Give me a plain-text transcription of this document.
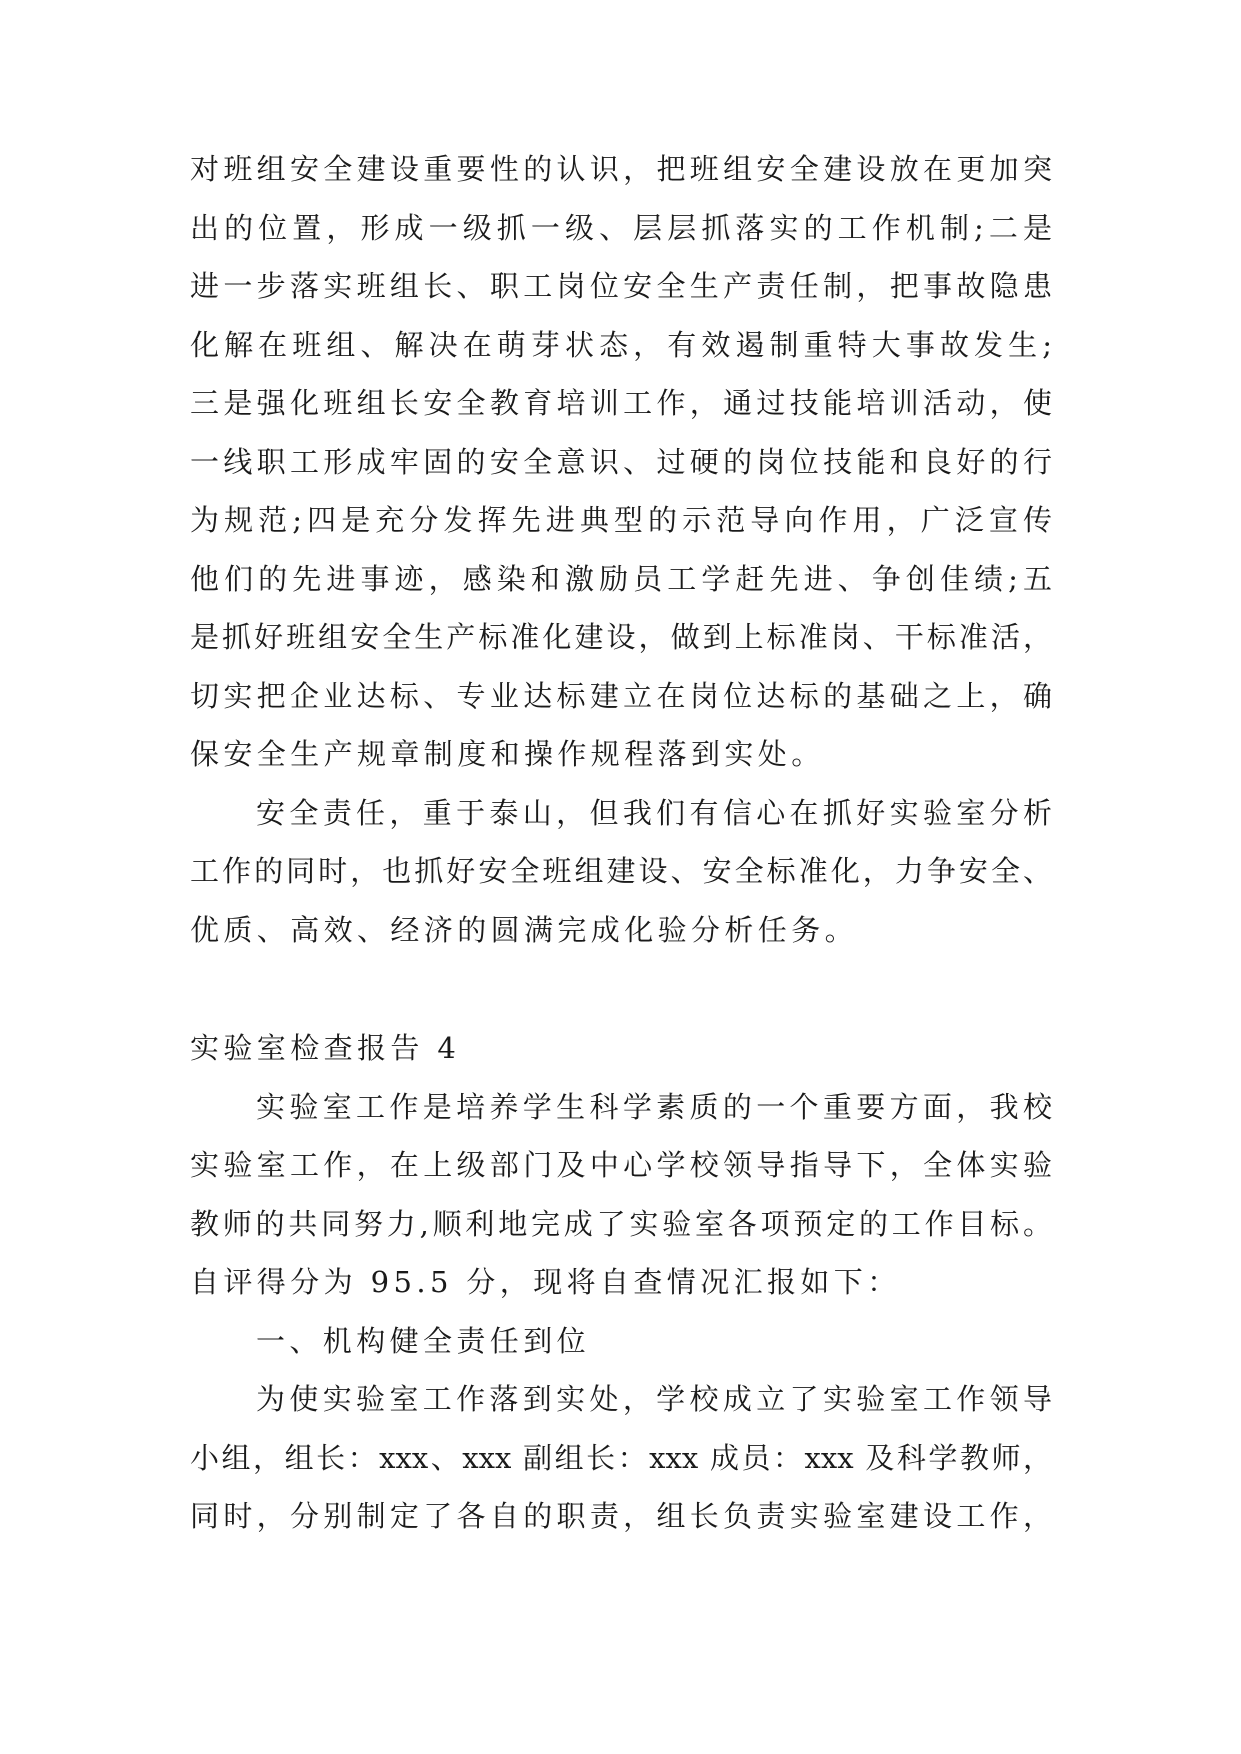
对班组安全建设重要性的认识，把班组安全建设放在更加突
出的位置，形成一级抓一级、层层抓落实的工作机制;二是
进一步落实班组长、职工岗位安全生产责任制，把事故隐患
化解在班组、解决在萌芽状态，有效遏制重特大事故发生;
三是强化班组长安全教育培训工作，通过技能培训活动，使
一线职工形成牢固的安全意识、过硬的岗位技能和良好的行
为规范;四是充分发挥先进典型的示范导向作用，广泛宣传
他们的先进事迹，感染和激励员工学赶先进、争创佳绩;五
是抓好班组安全生产标准化建设，做到上标准岗、干标准活，
切实把企业达标、专业达标建立在岗位达标的基础之上，确
保安全生产规章制度和操作规程落到实处。
安全责任，重于泰山，但我们有信心在抓好实验室分析
工作的同时，也抓好安全班组建设、安全标准化，力争安全、
优质、高效、经济的圆满完成化验分析任务。
实验室检查报告 4
实验室工作是培养学生科学素质的一个重要方面，我校
实验室工作，在上级部门及中心学校领导指导下，全体实验
教师的共同努力,顺利地完成了实验室各项预定的工作目标。
自评得分为 95.5 分，现将自查情况汇报如下：
一、机构健全责任到位
为使实验室工作落到实处，学校成立了实验室工作领导
小组，组长：xxx、xxx 副组长：xxx 成员：xxx 及科学教师，
同时，分别制定了各自的职责，组长负责实验室建设工作，
